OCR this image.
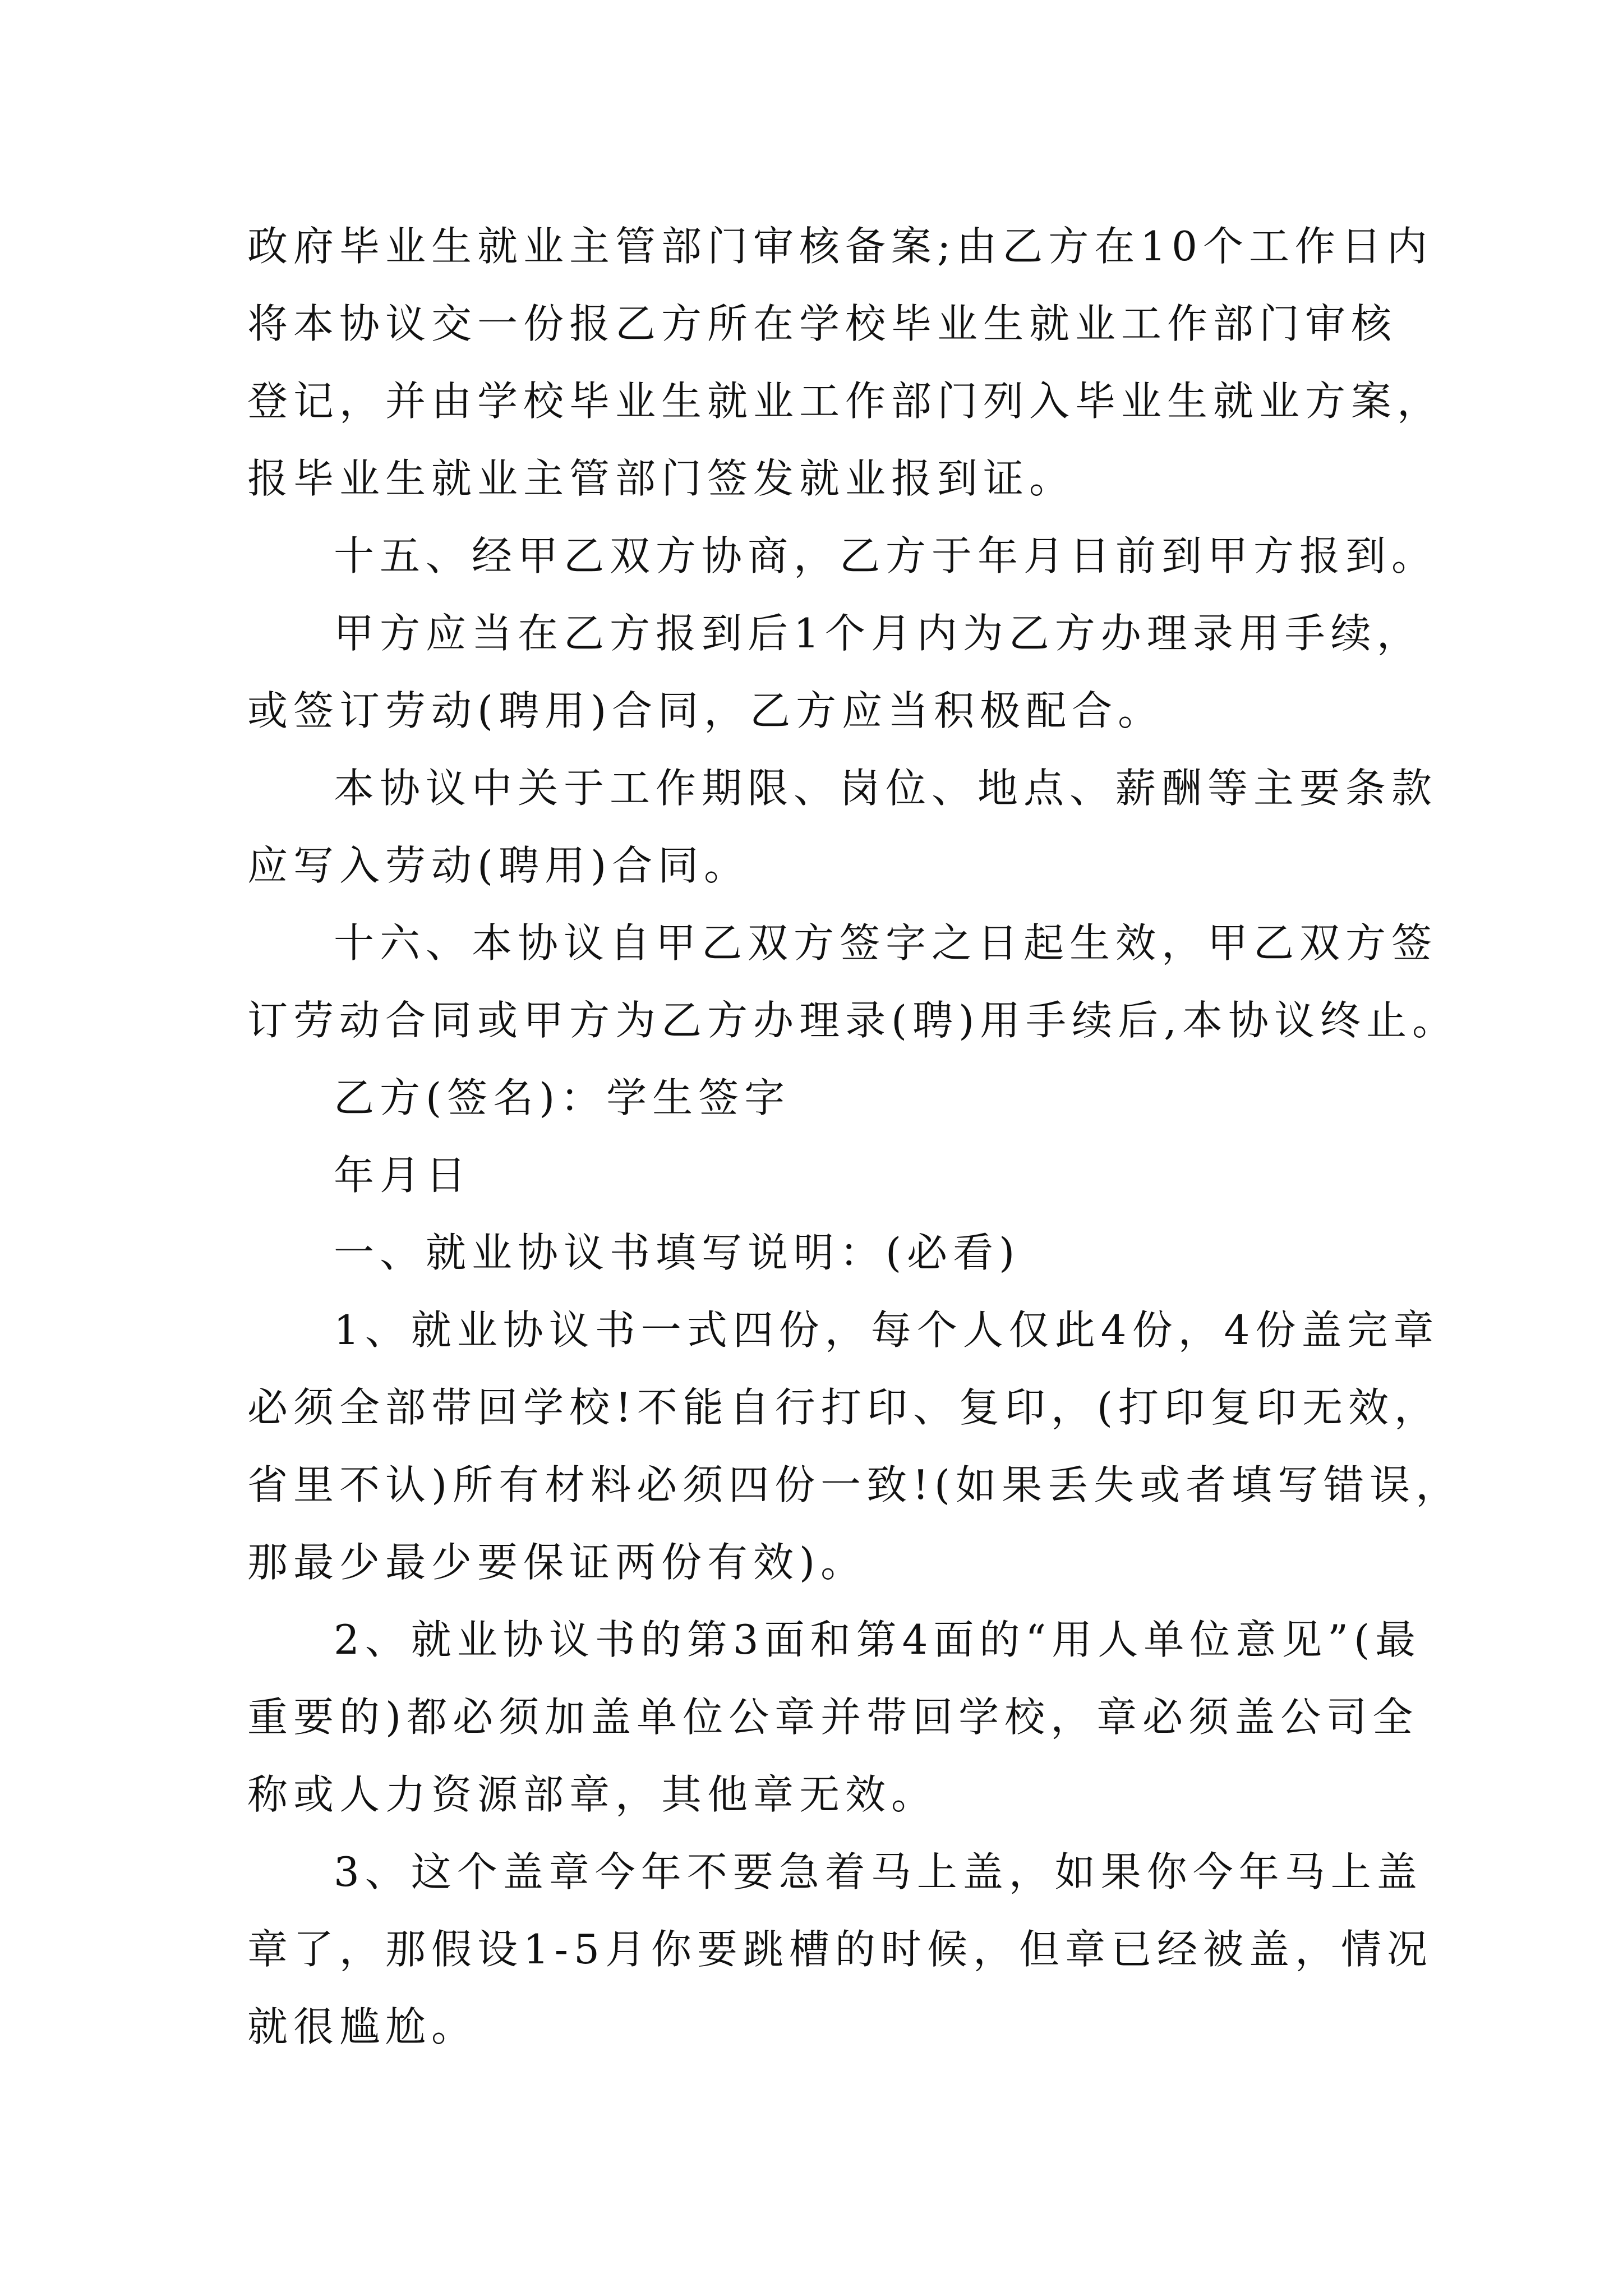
政府毕业生就业主管部门审核备案;由乙方在10个工作日内
将本协议交一份报乙方所在学校毕业生就业工作部门审核
登记，并由学校毕业生就业工作部门列入毕业生就业方案，
报毕业生就业主管部门签发就业报到证。
十五、经甲乙双方协商，乙方于年月日前到甲方报到。
甲方应当在乙方报到后1个月内为乙方办理录用手续，
或签订劳动(聘用)合同，乙方应当积极配合。
本协议中关于工作期限、岗位、地点、薪酬等主要条款
应写入劳动(聘用)合同。
十六、本协议自甲乙双方签字之日起生效，甲乙双方签
订劳动合同或甲方为乙方办理录(聘)用手续后,本协议终止。
乙方(签名)：学生签字
年月日
一、就业协议书填写说明：(必看)
1、就业协议书一式四份，每个人仅此4份，4份盖完章
必须全部带回学校!不能自行打印、复印，(打印复印无效，
省里不认)所有材料必须四份一致!(如果丢失或者填写错误，
那最少最少要保证两份有效)。
2、就业协议书的第3面和第4面的“用人单位意见”(最
重要的)都必须加盖单位公章并带回学校，章必须盖公司全
称或人力资源部章，其他章无效。
3、这个盖章今年不要急着马上盖，如果你今年马上盖
章了，那假设1-5月你要跳槽的时候，但章已经被盖，情况
就很尴尬。
